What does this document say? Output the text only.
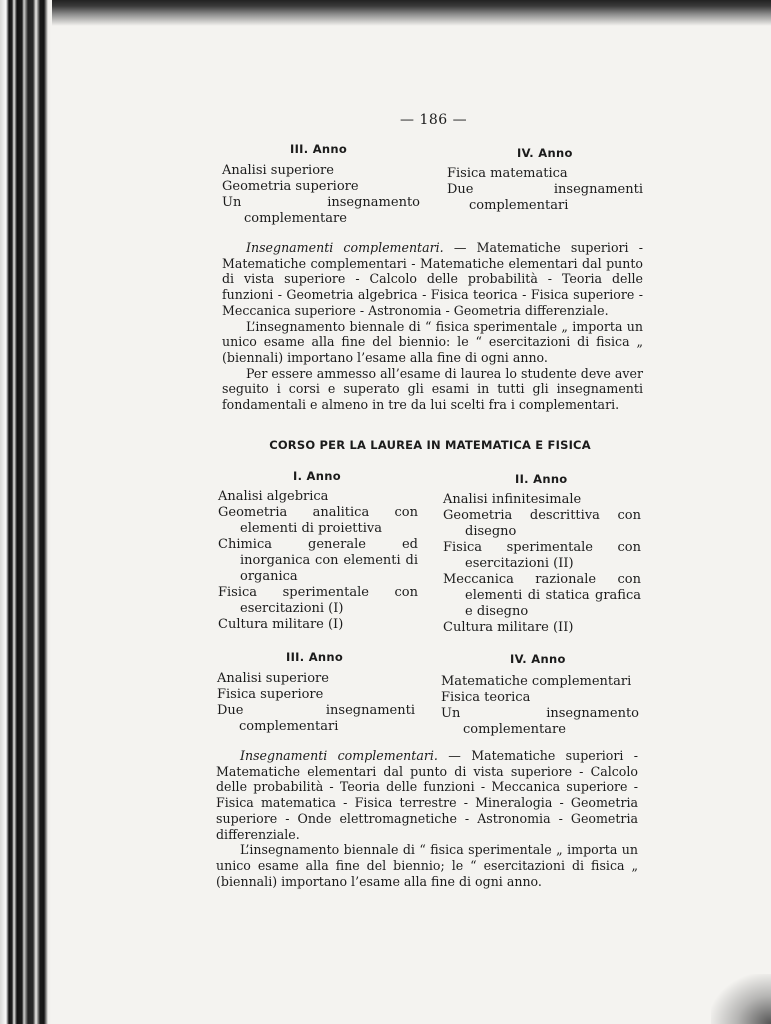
— 186 —
III. Anno
Analisi superiore
Geometria superiore
Un insegnamento complementare
IV. Anno
Fisica matematica
Due insegnamenti complementari

Insegnamenti complementari. — Matematiche superiori - Matematiche complementari - Matematiche elementari dal punto di vista superiore - Calcolo delle probabilità - Teoria delle funzioni - Geometria algebrica - Fisica teorica - Fisica superiore - Meccanica superiore - Astronomia - Geometria differenziale.

L’insegnamento biennale di “ fisica sperimentale „ importa un unico esame alla fine del biennio: le “ esercitazioni di fisica „ (biennali) importano l’esame alla fine di ogni anno.

Per essere ammesso all’esame di laurea lo studente deve aver seguito i corsi e superato gli esami in tutti gli insegnamenti fondamentali e almeno in tre da lui scelti fra i complementari.

CORSO PER LA LAUREA IN MATEMATICA E FISICA
I. Anno
Analisi algebrica
Geometria analitica con elementi di proiettiva
Chimica generale ed inorganica con elementi di organica
Fisica sperimentale con esercitazioni (I)
Cultura militare (I)
II. Anno
Analisi infinitesimale
Geometria descrittiva con disegno
Fisica sperimentale con esercitazioni (II)
Meccanica razionale con elementi di statica grafica e disegno
Cultura militare (II)
III. Anno
Analisi superiore
Fisica superiore
Due insegnamenti complementari
IV. Anno
Matematiche complementari
Fisica teorica
Un insegnamento complementare

Insegnamenti complementari. — Matematiche superiori - Matematiche elementari dal punto di vista superiore - Calcolo delle probabilità - Teoria delle funzioni - Meccanica superiore - Fisica matematica - Fisica terrestre - Mineralogia - Geometria superiore - Onde elettromagnetiche - Astronomia - Geometria differenziale.

L’insegnamento biennale di “ fisica sperimentale „ importa un unico esame alla fine del biennio; le “ esercitazioni di fisica „ (biennali) importano l’esame alla fine di ogni anno.
